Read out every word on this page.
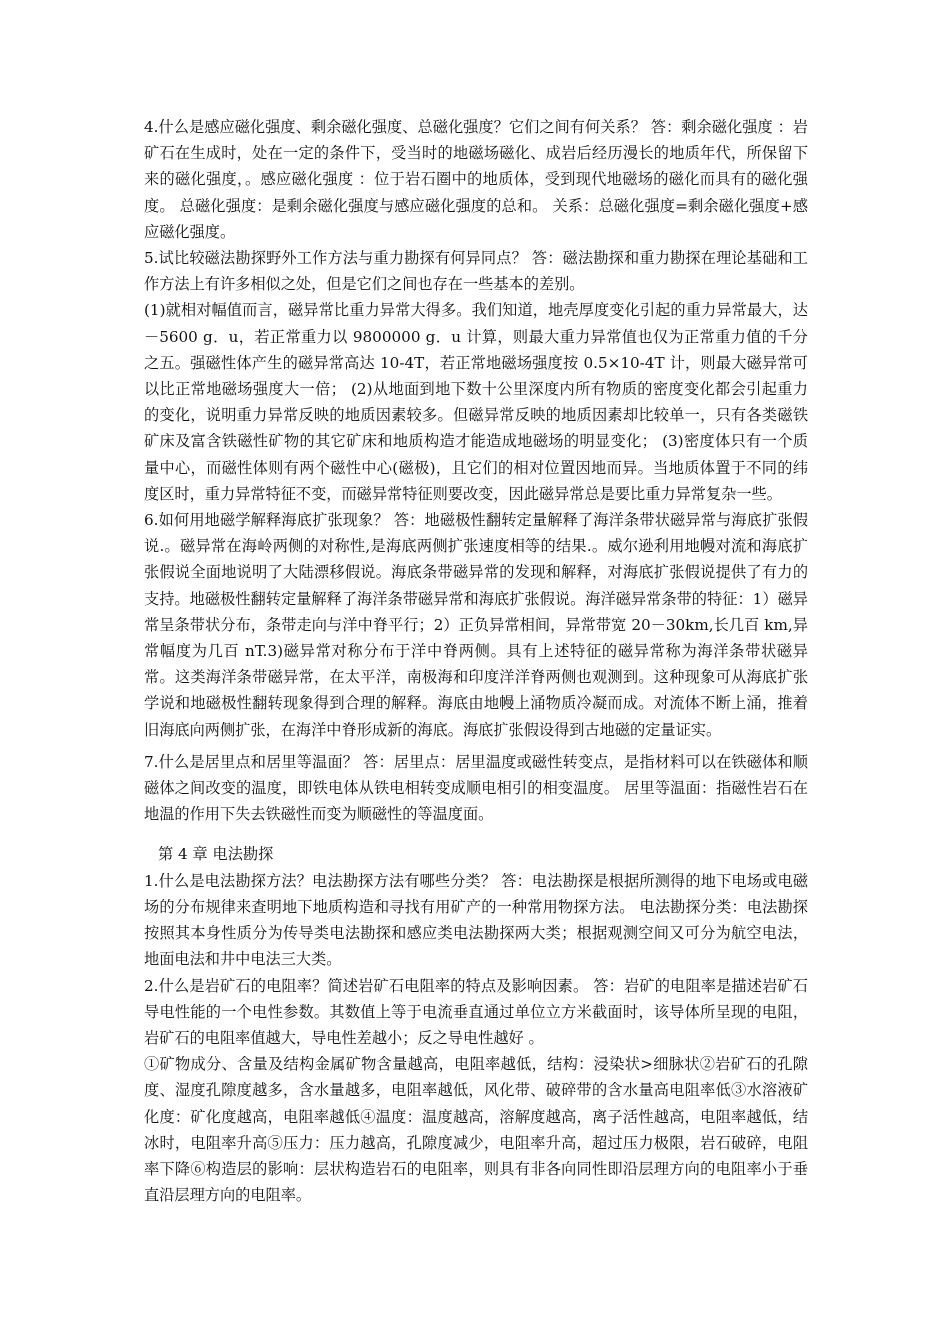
4.什么是感应磁化强度、剩余磁化强度、总磁化强度？它们之间有何关系？ 答：剩余磁化强度 ：岩矿石在生成时，处在一定的条件下，受当时的地磁场磁化、成岩后经历漫长的地质年代，所保留下来的磁化强度，。感应磁化强度 ：位于岩石圈中的地质体，受到现代地磁场的磁化而具有的磁化强度。 总磁化强度：是剩余磁化强度与感应磁化强度的总和。 关系：总磁化强度=剩余磁化强度+感应磁化强度。

5.试比较磁法勘探野外工作方法与重力勘探有何异同点？ 答：磁法勘探和重力勘探在理论基础和工作方法上有许多相似之处，但是它们之间也存在一些基本的差别。

(1)就相对幅值而言，磁异常比重力异常大得多。我们知道，地壳厚度变化引起的重力异常最大，达－5600 g．u，若正常重力以 9800000 g．u 计算，则最大重力异常值也仅为正常重力值的千分之五。强磁性体产生的磁异常高达 10-4T，若正常地磁场强度按 0.5×10-4T 计，则最大磁异常可以比正常地磁场强度大一倍； (2)从地面到地下数十公里深度内所有物质的密度变化都会引起重力的变化，说明重力异常反映的地质因素较多。但磁异常反映的地质因素却比较单一，只有各类磁铁矿床及富含铁磁性矿物的其它矿床和地质构造才能造成地磁场的明显变化； (3)密度体只有一个质量中心，而磁性体则有两个磁性中心(磁极)，且它们的相对位置因地而异。当地质体置于不同的纬度区时，重力异常特征不变，而磁异常特征则要改变，因此磁异常总是要比重力异常复杂一些。

6.如何用地磁学解释海底扩张现象？ 答：地磁极性翻转定量解释了海洋条带状磁异常与海底扩张假说.。磁异常在海岭两侧的对称性,是海底两侧扩张速度相等的结果.。威尔逊利用地幔对流和海底扩张假说全面地说明了大陆漂移假说。海底条带磁异常的发现和解释，对海底扩张假说提供了有力的支持。地磁极性翻转定量解释了海洋条带磁异常和海底扩张假说。海洋磁异常条带的特征：1）磁异常呈条带状分布，条带走向与洋中脊平行；2）正负异常相间，异常带宽 20－30km,长几百 km,异常幅度为几百 nT.3)磁异常对称分布于洋中脊两侧。具有上述特征的磁异常称为海洋条带状磁异常。这类海洋条带磁异常，在太平洋，南极海和印度洋洋脊两侧也观测到。这种现象可从海底扩张学说和地磁极性翻转现象得到合理的解释。海底由地幔上涌物质冷凝而成。对流体不断上涌，推着旧海底向两侧扩张，在海洋中脊形成新的海底。海底扩张假设得到古地磁的定量证实。

7.什么是居里点和居里等温面？ 答：居里点：居里温度或磁性转变点，是指材料可以在铁磁体和顺磁体之间改变的温度，即铁电体从铁电相转变成顺电相引的相变温度。 居里等温面：指磁性岩石在地温的作用下失去铁磁性而变为顺磁性的等温度面。

第 4 章 电法勘探

1.什么是电法勘探方法？电法勘探方法有哪些分类？ 答：电法勘探是根据所测得的地下电场或电磁场的分布规律来查明地下地质构造和寻找有用矿产的一种常用物探方法。 电法勘探分类：电法勘探按照其本身性质分为传导类电法勘探和感应类电法勘探两大类；根据观测空间又可分为航空电法，地面电法和井中电法三大类。

2.什么是岩矿石的电阻率？简述岩矿石电阻率的特点及影响因素。 答：岩矿的电阻率是描述岩矿石导电性能的一个电性参数。其数值上等于电流垂直通过单位立方米截面时，该导体所呈现的电阻，岩矿石的电阻率值越大，导电性差越小；反之导电性越好 。

①矿物成分、含量及结构金属矿物含量越高，电阻率越低，结构：浸染状>细脉状②岩矿石的孔隙度、湿度孔隙度越多，含水量越多，电阻率越低，风化带、破碎带的含水量高电阻率低③水溶液矿化度：矿化度越高，电阻率越低④温度：温度越高，溶解度越高，离子活性越高，电阻率越低，结冰时，电阻率升高⑤压力：压力越高，孔隙度减少，电阻率升高，超过压力极限，岩石破碎，电阻率下降⑥构造层的影响：层状构造岩石的电阻率，则具有非各向同性即沿层理方向的电阻率小于垂直沿层理方向的电阻率。
